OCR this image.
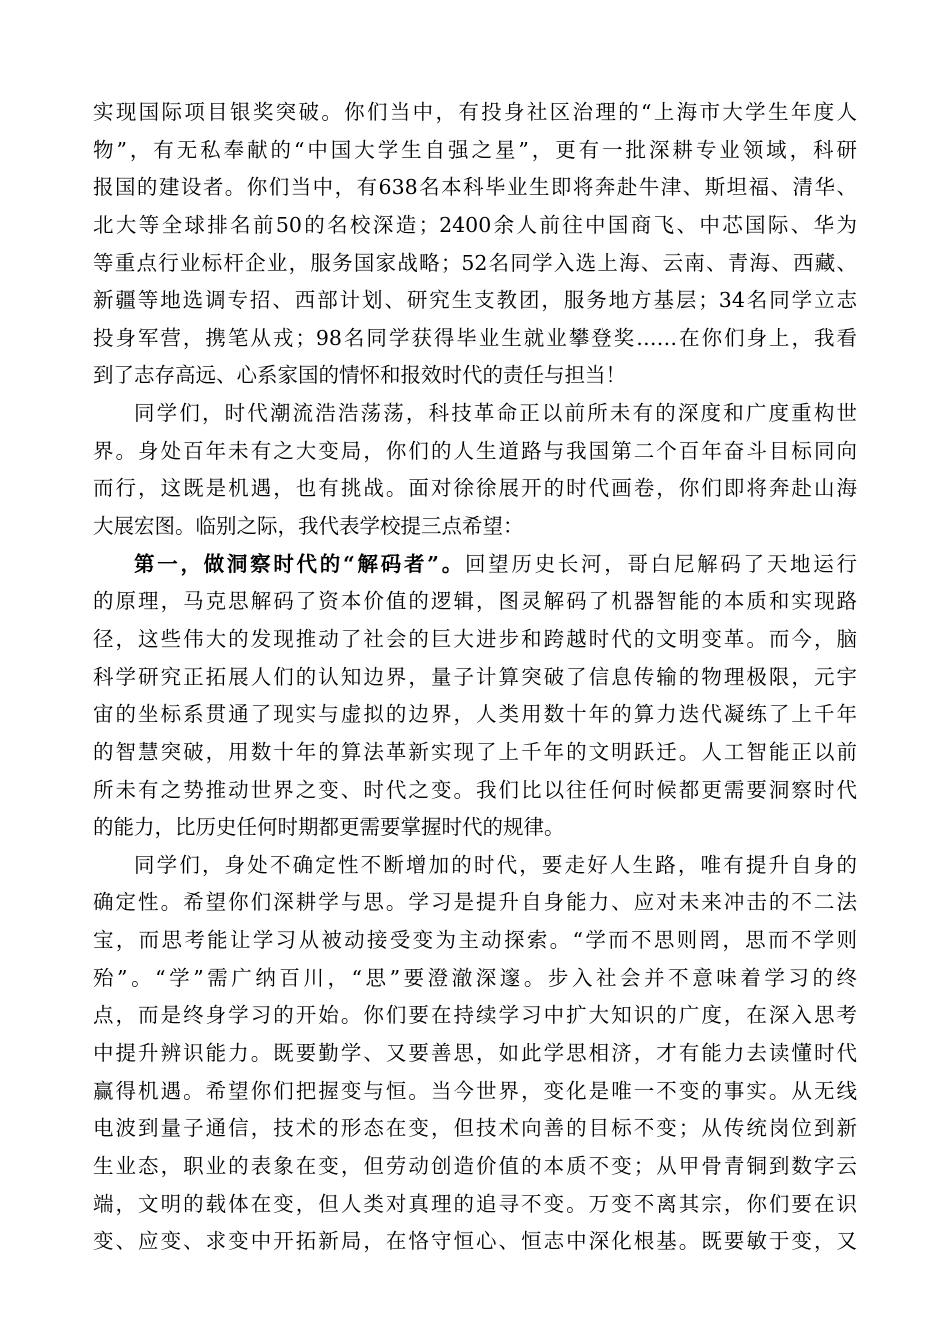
实现国际项目银奖突破。你们当中，有投身社区治理的“上海市大学生年度人
物”，有无私奉献的“中国大学生自强之星”，更有一批深耕专业领域，科研
报国的建设者。你们当中，有638名本科毕业生即将奔赴牛津、斯坦福、清华、
北大等全球排名前50的名校深造；2400余人前往中国商飞、中芯国际、华为
等重点行业标杆企业，服务国家战略；52名同学入选上海、云南、青海、西藏、
新疆等地选调专招、西部计划、研究生支教团，服务地方基层；34名同学立志
投身军营，携笔从戎；98名同学获得毕业生就业攀登奖……在你们身上，我看
到了志存高远、心系家国的情怀和报效时代的责任与担当！
同学们，时代潮流浩浩荡荡，科技革命正以前所未有的深度和广度重构世
界。身处百年未有之大变局，你们的人生道路与我国第二个百年奋斗目标同向
而行，这既是机遇，也有挑战。面对徐徐展开的时代画卷，你们即将奔赴山海
大展宏图。临别之际，我代表学校提三点希望：
第一，做洞察时代的“解码者”。回望历史长河，哥白尼解码了天地运行
的原理，马克思解码了资本价值的逻辑，图灵解码了机器智能的本质和实现路
径，这些伟大的发现推动了社会的巨大进步和跨越时代的文明变革。而今，脑
科学研究正拓展人们的认知边界，量子计算突破了信息传输的物理极限，元宇
宙的坐标系贯通了现实与虚拟的边界，人类用数十年的算力迭代凝练了上千年
的智慧突破，用数十年的算法革新实现了上千年的文明跃迁。人工智能正以前
所未有之势推动世界之变、时代之变。我们比以往任何时候都更需要洞察时代
的能力，比历史任何时期都更需要掌握时代的规律。
同学们，身处不确定性不断增加的时代，要走好人生路，唯有提升自身的
确定性。希望你们深耕学与思。学习是提升自身能力、应对未来冲击的不二法
宝，而思考能让学习从被动接受变为主动探索。“学而不思则罔，思而不学则
殆”。“学”需广纳百川，“思”要澄澈深邃。步入社会并不意味着学习的终
点，而是终身学习的开始。你们要在持续学习中扩大知识的广度，在深入思考
中提升辨识能力。既要勤学、又要善思，如此学思相济，才有能力去读懂时代
赢得机遇。希望你们把握变与恒。当今世界，变化是唯一不变的事实。从无线
电波到量子通信，技术的形态在变，但技术向善的目标不变；从传统岗位到新
生业态，职业的表象在变，但劳动创造价值的本质不变；从甲骨青铜到数字云
端，文明的载体在变，但人类对真理的追寻不变。万变不离其宗，你们要在识
变、应变、求变中开拓新局，在恪守恒心、恒志中深化根基。既要敏于变，又
